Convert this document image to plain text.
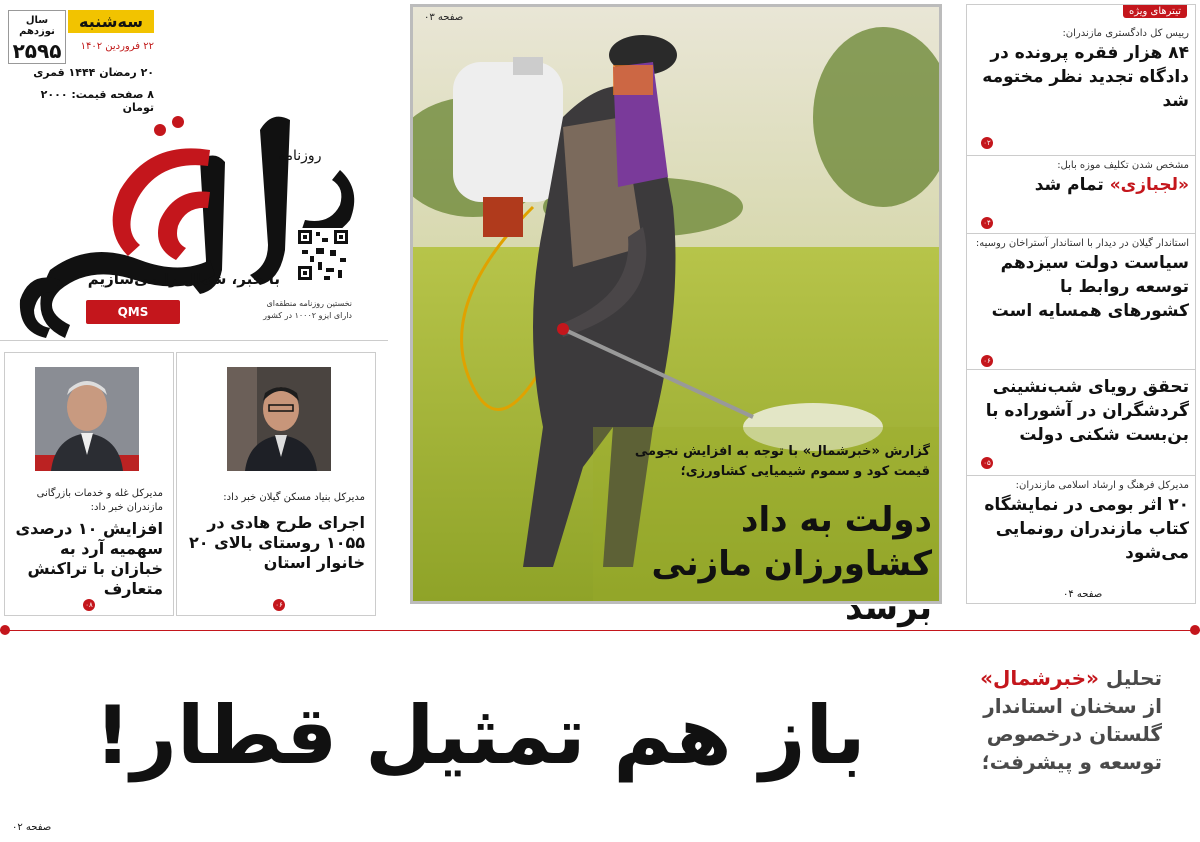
سال نوزدهم
۲۵۹۵
سه‌شنبه
۲۲ فروردین ۱۴۰۲
۲۰ رمضان ۱۴۴۴ قمری
۸ صفحه قیمت: ۲۰۰۰ تومان
روزنامه
با خبر، شمال را می‌سازیم
QMS
نخستین روزنامه منطقه‌ای
دارای ایزو ۱۰۰۰۲ در کشور
مدیرکل غله و خدمات بازرگانی مازندران خبر داد:
افزایش ۱۰ درصدی سهمیه آرد به خبازان با تراکنش متعارف
۰۸
مدیرکل بنیاد مسکن گیلان خبر داد:
اجرای طرح هادی در ۱۰۵۵ روستای بالای ۲۰ خانوار استان
۰۶
صفحه ۰۳
گزارش «خبرشمال» با توجه به افزایش نجومی قیمت کود و سموم شیمیایی کشاورزی؛
دولت به داد
کشاورزان مازنی برسد
تیترهای ویژه
رییس کل دادگستری مازندران:
۸۴ هزار فقره پرونده در دادگاه تجدید نظر مختومه شد
۰۲
مشخص شدن تکلیف موزه بابل:
«لجبازی» تمام شد
۰۴
استاندار گیلان در دیدار با استاندار آستراخان روسیه:
سیاست دولت سیزدهم توسعه روابط با کشورهای همسایه است
۰۶
تحقق رویای شب‌نشینی گردشگران در آشوراده با بن‌بست شکنی دولت
۰۵
مدیرکل فرهنگ و ارشاد اسلامی مازندران:
۲۰ اثر بومی در نمایشگاه کتاب مازندران رونمایی می‌شود
صفحه ۰۴
باز هم تمثیل قطار!
تحلیل «خبرشمال» از سخنان استاندار گلستان درخصوص توسعه و پیشرفت؛
صفحه ۰۲
